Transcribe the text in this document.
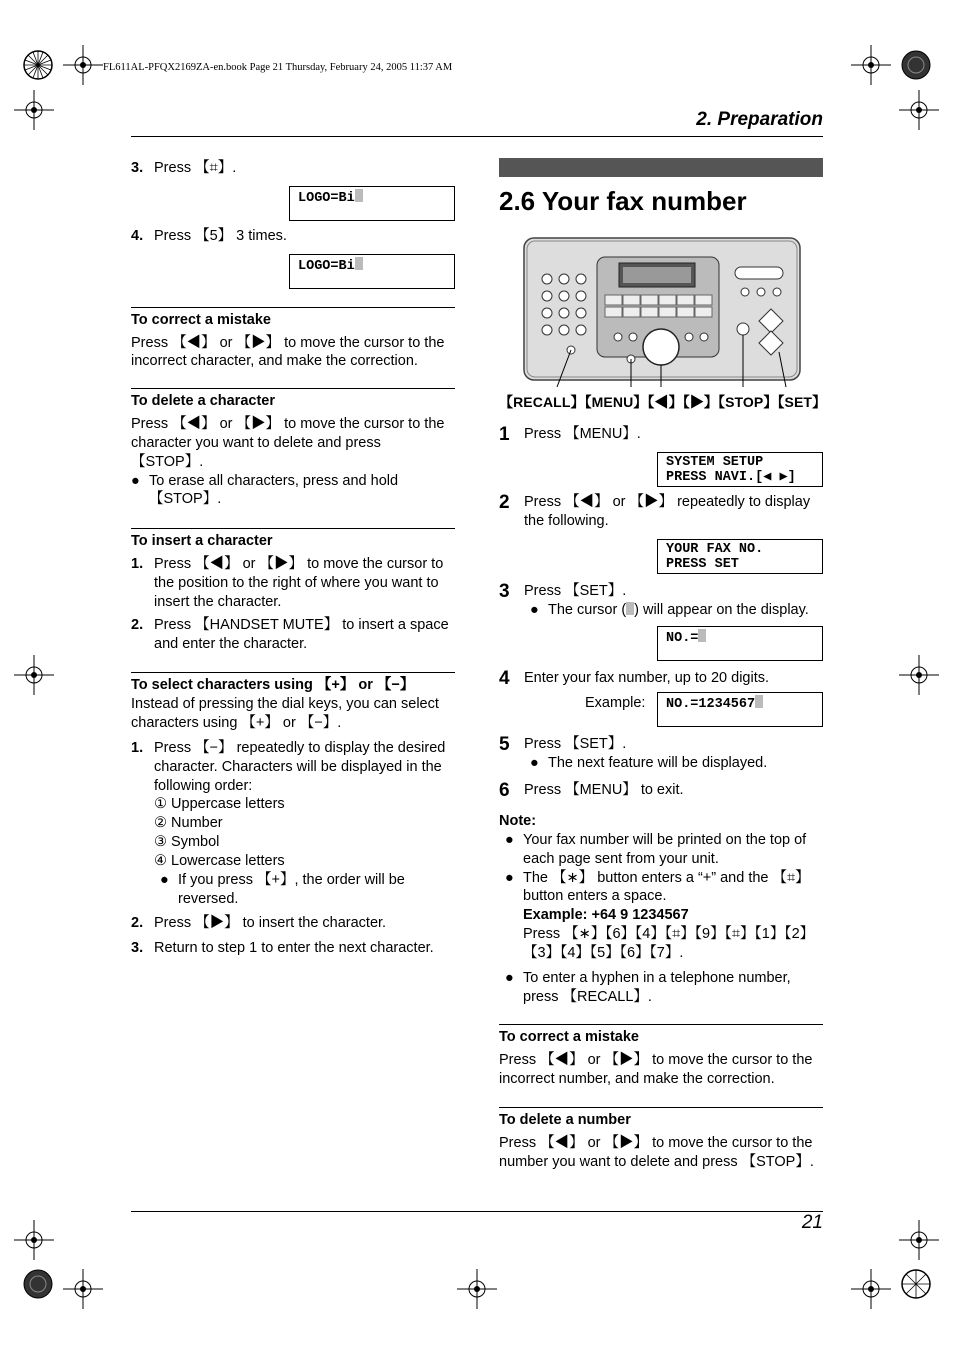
FL611AL-PFQX2169ZA-en.book Page 21 Thursday, February 24, 2005 11:37 AM
2. Preparation
21
3. Press 【⌗】.
LOGO=Bi
4. Press 【5】 3 times.
LOGO=Bi
To correct a mistake
Press 【◀】 or 【▶】 to move the cursor to the incorrect character, and make the correction.
To delete a character
Press 【◀】 or 【▶】 to move the cursor to the character you want to delete and press 【STOP】.
● To erase all characters, press and hold 【STOP】.
To insert a character
1. Press 【◀】 or 【▶】 to move the cursor to the position to the right of where you want to insert the character.
2. Press 【HANDSET MUTE】 to insert a space and enter the character.
To select characters using 【+】 or 【−】
Instead of pressing the dial keys, you can select characters using 【+】 or 【−】.
1. Press 【−】 repeatedly to display the desired character. Characters will be displayed in the following order:
① Uppercase letters
② Number
③ Symbol
④ Lowercase letters
● If you press 【+】, the order will be reversed.
2. Press 【▶】 to insert the character.
3. Return to step 1 to enter the next character.
2.6 Your fax number
【RECALL】【MENU】【◀】【▶】【STOP】【SET】
1 Press 【MENU】.
SYSTEM SETUP
PRESS NAVI.[◀ ▶]
2 Press 【◀】 or 【▶】 repeatedly to display the following.
YOUR FAX NO.
PRESS SET
3 Press 【SET】.
● The cursor ( ) will appear on the display.
NO.=
4 Enter your fax number, up to 20 digits.
Example:	NO.=1234567
5 Press 【SET】.
● The next feature will be displayed.
6 Press 【MENU】 to exit.
Note:
● Your fax number will be printed on the top of each page sent from your unit.
● The 【∗】 button enters a “+” and the 【⌗】 button enters a space.
Example: +64 9 1234567
Press 【∗】【6】【4】【⌗】【9】【⌗】【1】【2】【3】【4】【5】【6】【7】.
● To enter a hyphen in a telephone number, press 【RECALL】.
To correct a mistake
Press 【◀】 or 【▶】 to move the cursor to the incorrect number, and make the correction.
To delete a number
Press 【◀】 or 【▶】 to move the cursor to the number you want to delete and press 【STOP】.
